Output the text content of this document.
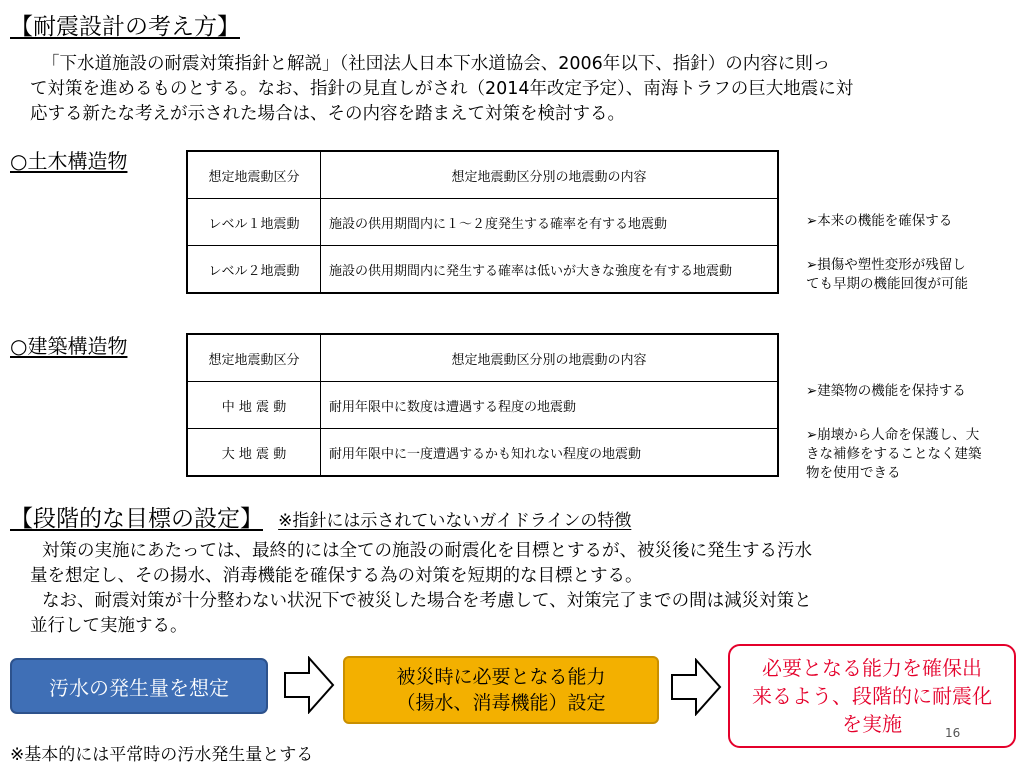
【耐震設計の考え方】
「下水道施設の耐震対策指針と解説」（社団法人日本下水道協会、2006年以下、指針）の内容に則っ
て対策を進めるものとする。なお、指針の見直しがされ（2014年改定予定）、南海トラフの巨大地震に対
応する新たな考えが示された場合は、その内容を踏まえて対策を検討する。
○土木構造物
想定地震動区分	想定地震動区分別の地震動の内容
レベル１地震動	施設の供用期間内に１～２度発生する確率を有する地震動
レベル２地震動	施設の供用期間内に発生する確率は低いが大きな強度を有する地震動
➢本来の機能を確保する
➢損傷や塑性変形が残留し
ても早期の機能回復が可能
○建築構造物
想定地震動区分	想定地震動区分別の地震動の内容
中 地 震 動	耐用年限中に数度は遭遇する程度の地震動
大 地 震 動	耐用年限中に一度遭遇するかも知れない程度の地震動
➢建築物の機能を保持する
➢崩壊から人命を保護し、大
きな補修をすることなく建築
物を使用できる
【段階的な目標の設定】 ※指針には示されていないガイドラインの特徴
対策の実施にあたっては、最終的には全ての施設の耐震化を目標とするが、被災後に発生する汚水
量を想定し、その揚水、消毒機能を確保する為の対策を短期的な目標とする。
なお、耐震対策が十分整わない状況下で被災した場合を考慮して、対策完了までの間は減災対策と
並行して実施する。
汚水の発生量を想定	被災時に必要となる能力
（揚水、消毒機能）設定
必要となる能力を確保出
来るよう、段階的に耐震化
を実施	16
※基本的には平常時の汚水発生量とする
